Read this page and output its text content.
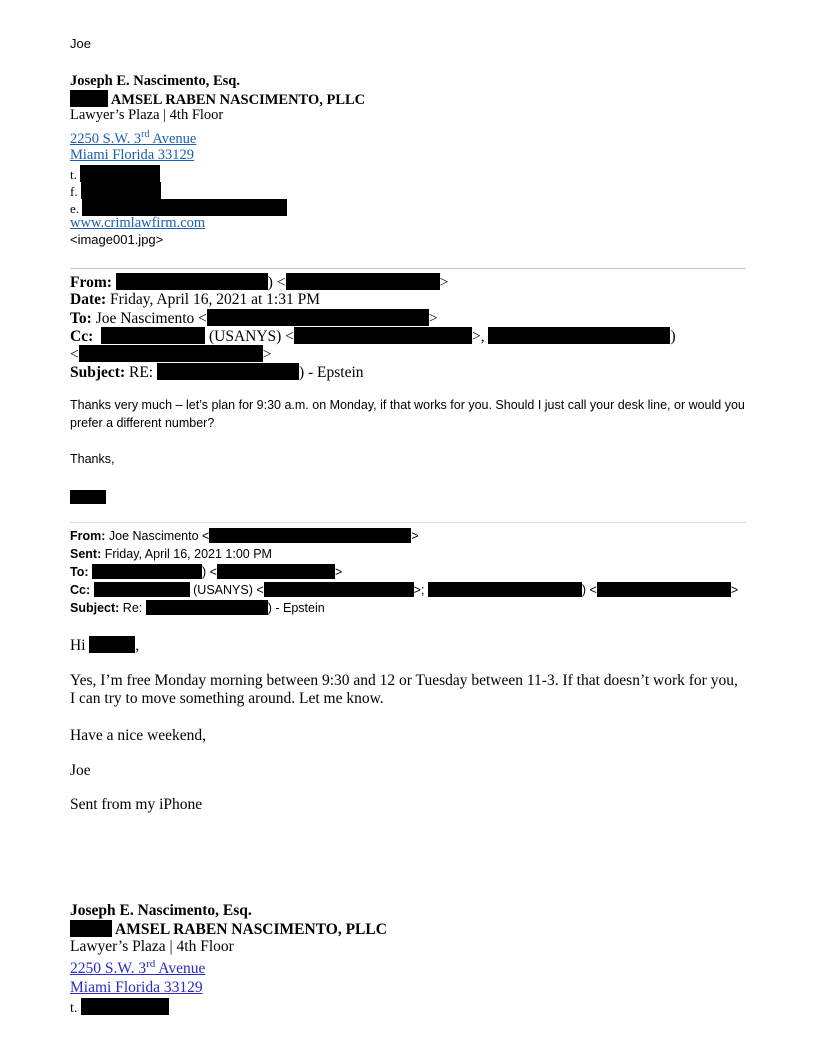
Joe
Joseph E. Nascimento, Esq.
AMSEL RABEN NASCIMENTO, PLLC
Lawyer’s Plaza | 4th Floor
2250 S.W. 3rd Avenue
Miami Florida 33129
t.
f.
e.
www.crimlawfirm.com
<image001.jpg>
From:	) <	>
Date: Friday, April 16, 2021 at 1:31 PM
To: Joe Nascimento <	>
Cc:	(USANYS) <	>,	)
<	>
Subject: RE:	) - Epstein
Thanks very much – let’s plan for 9:30 a.m. on Monday, if that works for you. Should I just call your desk line, or would you prefer a different number?
Thanks,
From: Joe Nascimento <	>
Sent: Friday, April 16, 2021 1:00 PM
To:	) <	>
Cc:	(USANYS) <	>;	) <	>
Subject: Re:	) - Epstein
Hi	,
Yes, I’m free Monday morning between 9:30 and 12 or Tuesday between 11-3. If that doesn’t work for you, I can try to move something around. Let me know.
Have a nice weekend,
Joe
Sent from my iPhone
Joseph E. Nascimento, Esq.
AMSEL RABEN NASCIMENTO, PLLC
Lawyer’s Plaza | 4th Floor
2250 S.W. 3rd Avenue
Miami Florida 33129
t.
